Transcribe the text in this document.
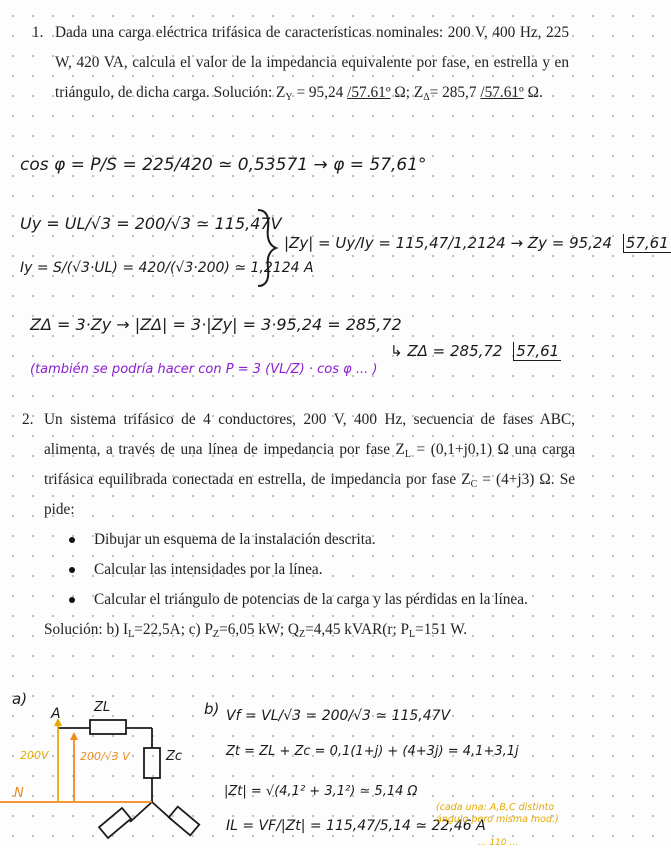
1. Dada una carga eléctrica trifásica de características nominales: 200 V, 400 Hz, 225 W, 420 VA, calcula el valor de la impedancia equivalente por fase, en estrella y en triángulo, de dicha carga. Solución: $Z_Y = 95,24$ /57.61º Ω; $Z_\Delta= 285,7$ /57.61º Ω.

cos φ = P/S = 225/420 ≃ 0,53571 → φ = 57,61°
Uy = UL/√3 = 200/√3 ≃ 115,47V
Iy = S/(√3·UL) = 420/(√3·200) ≃ 1,2124 A
|Zy| = Uy/Iy = 115,47/1,2124 → Zy = 95,24 57,61
ZΔ = 3·Zy → |ZΔ| = 3·|Zy| = 3·95,24 = 285,72
↳ ZΔ = 285,72 57,61
(también se podría hacer con P = 3 (VL/Z) · cos φ ... )
2. Un sistema trifásico de 4 conductores, 200 V, 400 Hz, secuencia de fases ABC, alimenta, a través de una línea de impedancia por fase $Z_L = (0,1+j0,1)$ Ω una carga trifásica equilibrada conectada en estrella, de impedancia por fase $Z_C = (4+j3)$ Ω. Se pide:

Dibujar un esquema de la instalación descrita.
Calcular las intensidades por la línea.
Calcular el triángulo de potencias de la carga y las pérdidas en la línea.

Solución: b) $I_L=22,5A$; c) $P_Z=6,05$ kW; $Q_Z=4,45$ kVAR(r; $P_L=151$ W.

a)
A	ZL
Zc
200V	200/√3 V
N
b) Vf = VL/√3 = 200/√3 ≃ 115,47V
Zt = ZL + Zc = 0,1(1+j) + (4+3j) = 4,1+3,1j
|Zt| = √(4,1² + 3,1²) ≃ 5,14 Ω
IL = VF/|Zt| = 115,47/5,14 ≃ 22,46 A
(cada una: A,B,C distinto
ángulo pero misma mod.)
... 110 ...
